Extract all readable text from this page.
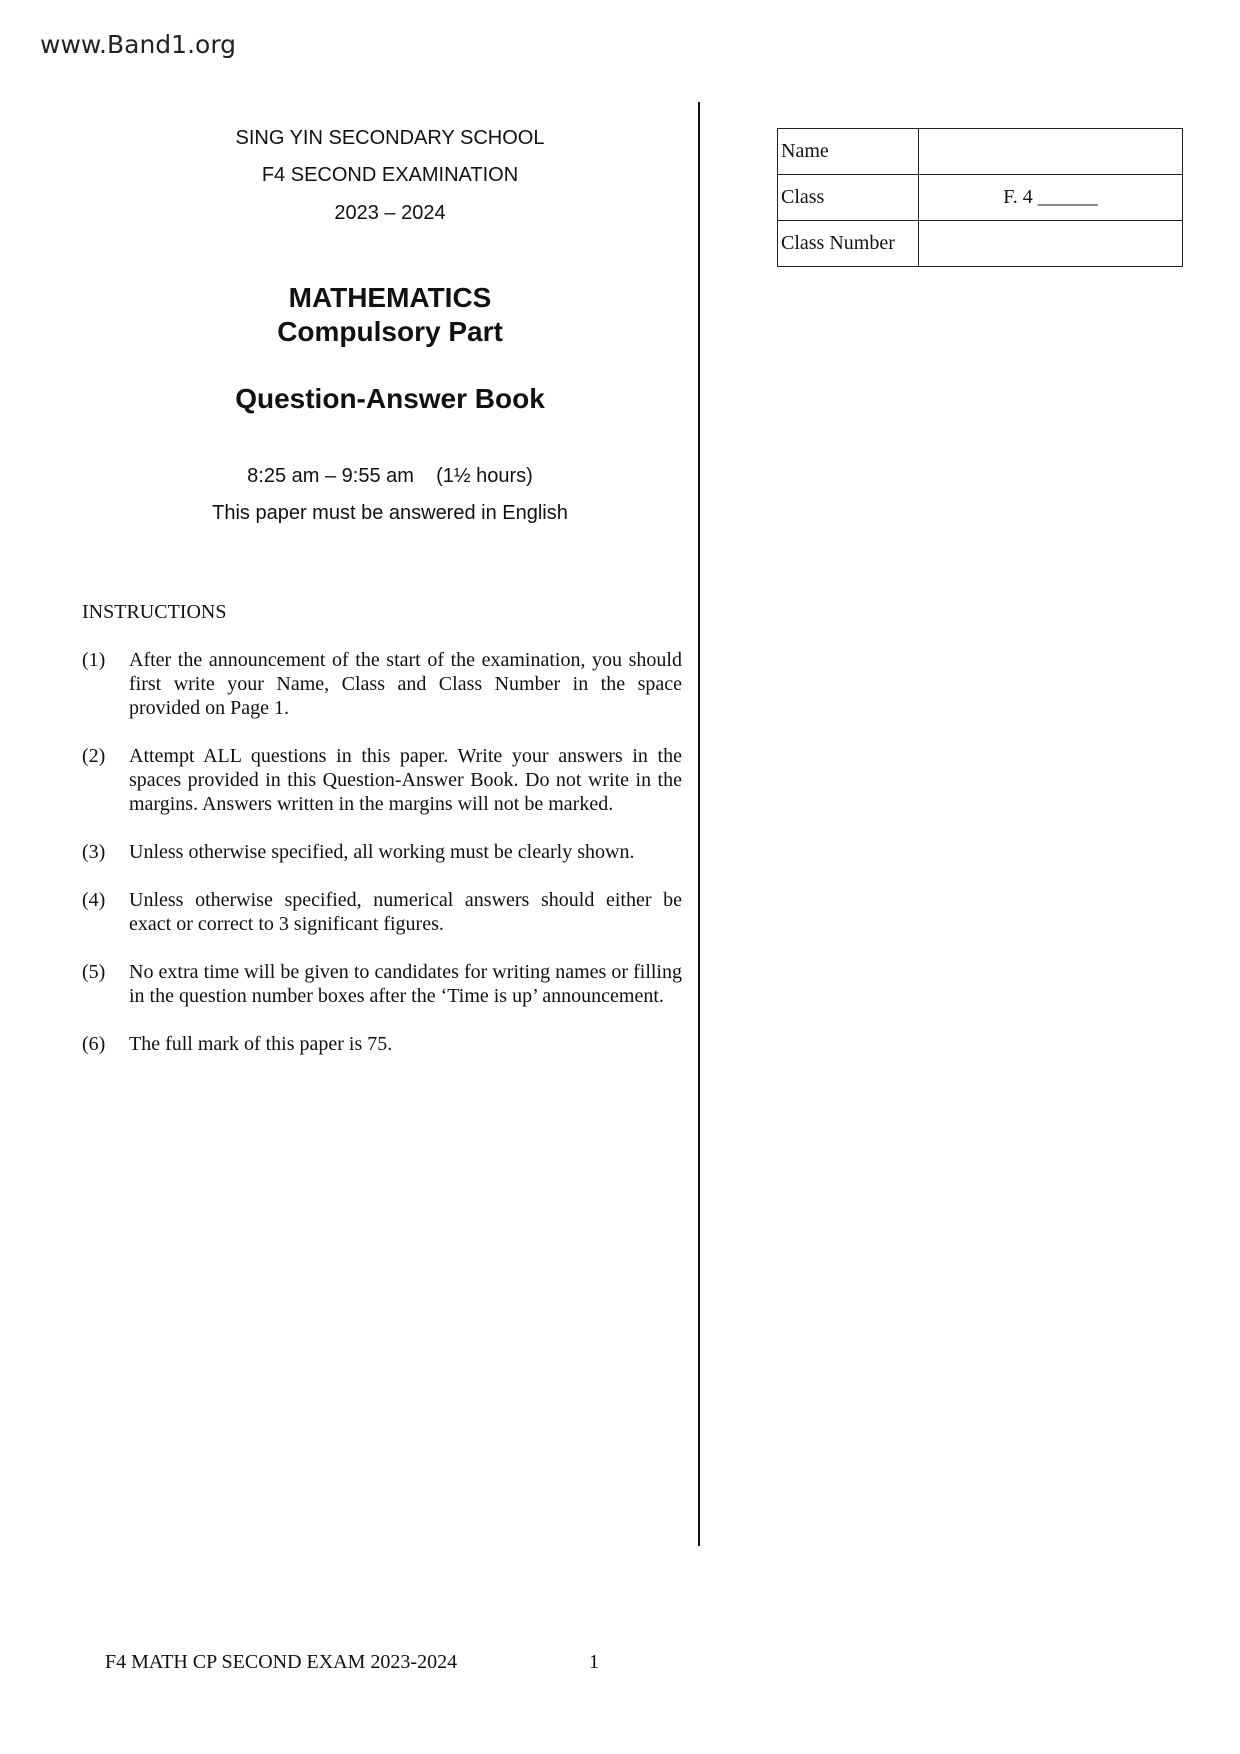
www.Band1.org
SING YIN SECONDARY SCHOOL
F4 SECOND EXAMINATION
2023 – 2024
MATHEMATICS
Compulsory Part
Question-Answer Book
8:25 am – 9:55 am    (1½ hours)
This paper must be answered in English
Name	
Class	F. 4 ______
Class Number	
INSTRUCTIONS
(1)	After the announcement of the start of the examination, you should first write your Name, Class and Class Number in the space provided on Page 1.
(2)	Attempt ALL questions in this paper. Write your answers in the spaces provided in this Question-Answer Book. Do not write in the margins. Answers written in the margins will not be marked.
(3)	Unless otherwise specified, all working must be clearly shown.
(4)	Unless otherwise specified, numerical answers should either be exact or correct to 3 significant figures.
(5)	No extra time will be given to candidates for writing names or filling in the question number boxes after the ‘Time is up’ announcement.
(6)	The full mark of this paper is 75.
F4 MATH CP SECOND EXAM 2023-2024	1
